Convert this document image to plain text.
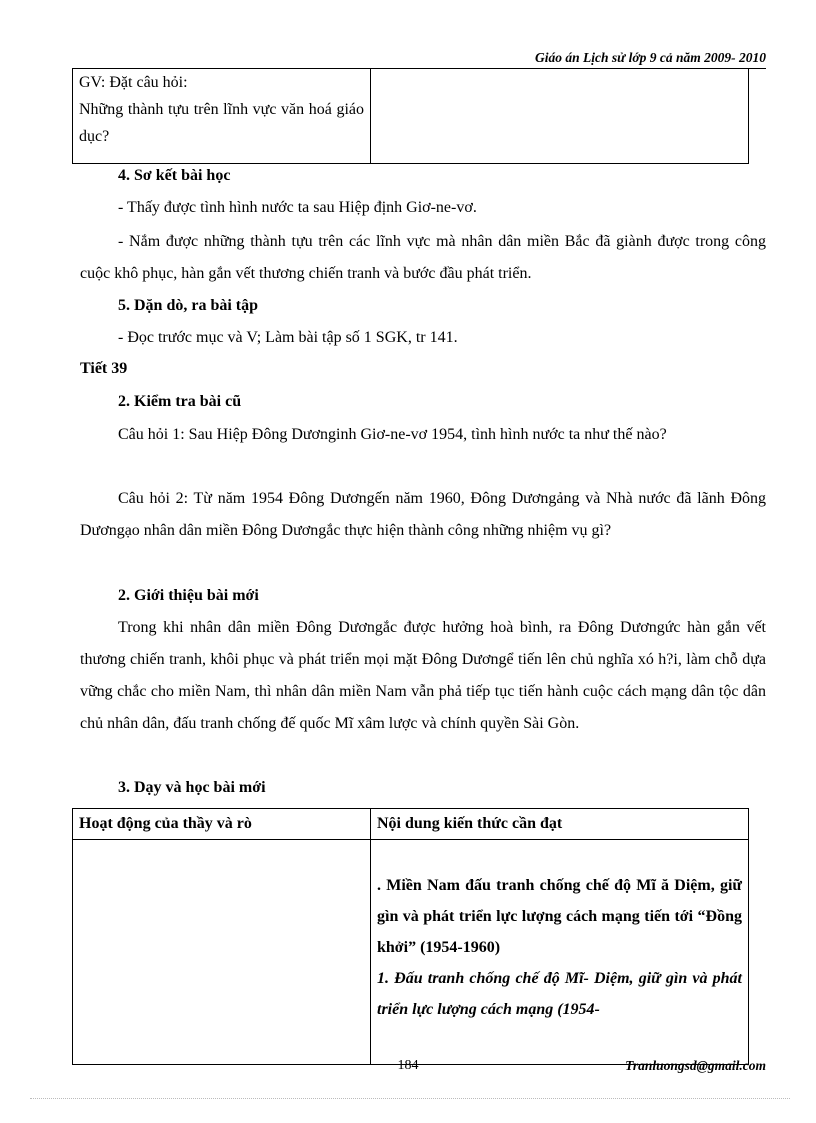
Giáo án Lịch sử lớp 9 cả năm 2009- 2010
GV: Đặt câu hỏi:
Những thành tựu trên lĩnh vực văn hoá giáo dục?

4. Sơ kết bài học

- Thấy được tình hình nước ta sau Hiệp định Giơ-ne-vơ.

- Nắm được những thành tựu trên các lĩnh vực mà nhân dân miền Bắc đã giành được trong công cuộc khô phục, hàn gắn vết thương chiến tranh và bước đầu phát triển.

5. Dặn dò, ra bài tập

- Đọc trước mục và V; Làm bài tập số 1 SGK, tr 141.

Tiết 39

2. Kiểm tra bài cũ

Câu hỏi 1: Sau Hiệp Đông Dươnginh Giơ-ne-vơ 1954, tình hình nước ta như thế nào?

Câu hỏi 2: Từ năm 1954 Đông Dươngến năm 1960, Đông Dươngảng và Nhà nước đã lãnh Đông Dươngạo nhân dân miền Đông Dươngắc thực hiện thành công những nhiệm vụ gì?

2. Giới thiệu bài mới

Trong khi nhân dân miền Đông Dươngắc được hưởng hoà bình, ra Đông Dươngức hàn gắn vết thương chiến tranh, khôi phục và phát triển mọi mặt Đông Dươngể tiến lên chủ nghĩa xó h?i, làm chỗ dựa vững chắc cho miền Nam, thì nhân dân miền Nam vẫn phả tiếp tục tiến hành cuộc cách mạng dân tộc dân chủ nhân dân, đấu tranh chống đế quốc Mĩ xâm lược và chính quyền Sài Gòn.

3. Dạy và học bài mới

Hoạt động của thầy và rò	Nội dung kiến thức cần đạt

	. Miền Nam đấu tranh chống chế độ Mĩ ă Diệm, giữ gìn và phát triển lực lượng cách mạng tiến tới “Đồng khởi” (1954-1960)
1. Đấu tranh chống chế độ Mĩ- Diệm, giữ gìn và phát triển lực lượng cách mạng (1954-
184	Tranluongsd@gmail.com
